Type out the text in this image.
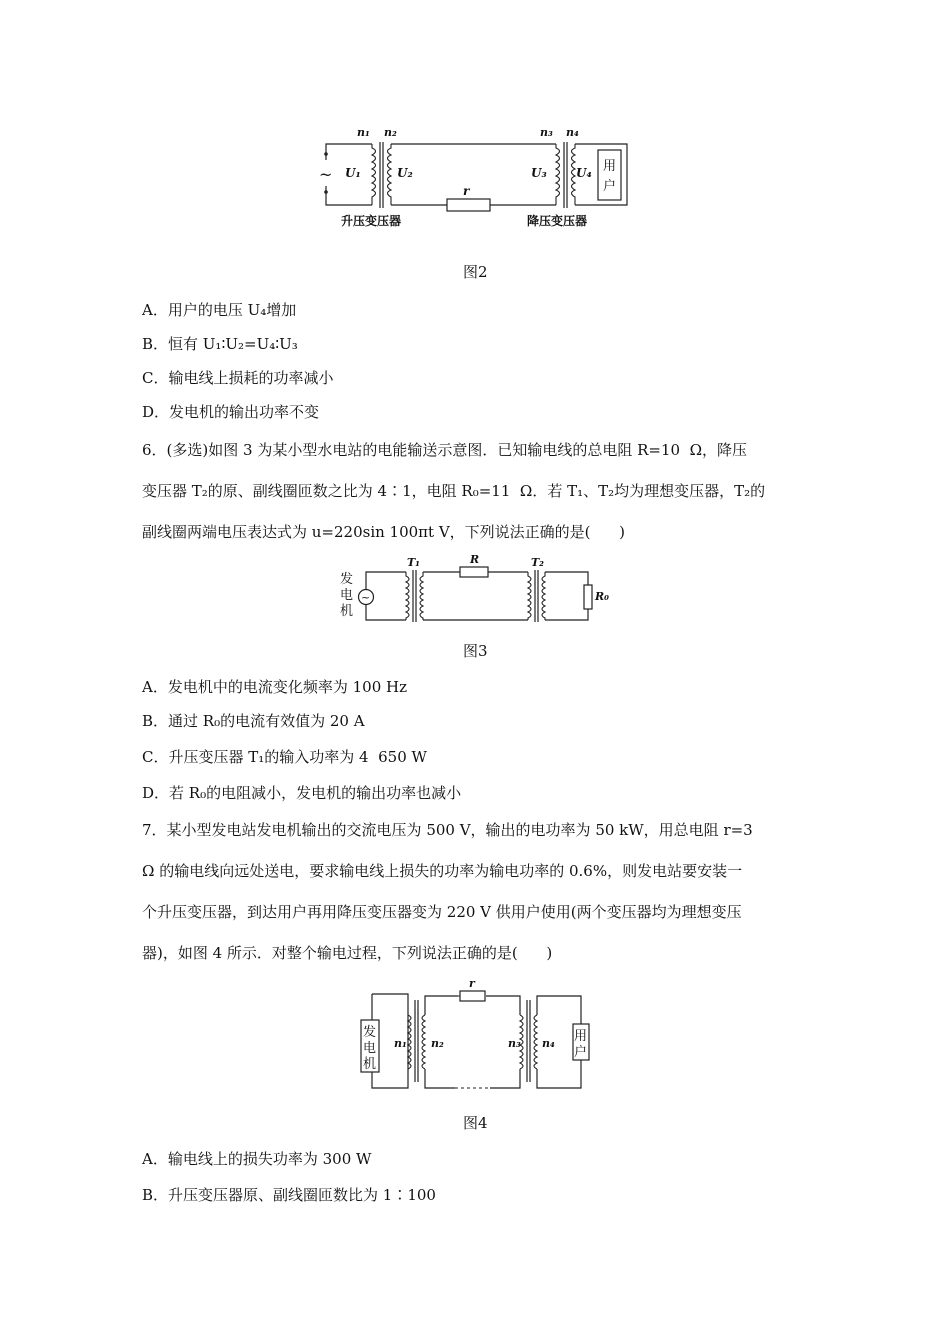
~
r
用
户
n₁ n₂	n₃ n₄
U₁	U₂	U₃ U₄
升压变压器	降压变压器
图2
A．用户的电压 U₄增加
B．恒有 U₁∶U₂=U₄∶U₃
C．输电线上损耗的功率减小
D．发电机的输出功率不变
6．(多选)如图 3 为某小型水电站的电能输送示意图．已知输电线的总电阻 R=10  Ω，降压
变压器 T₂的原、副线圈匝数之比为 4∶1，电阻 R₀=11  Ω．若 T₁、T₂均为理想变压器，T₂的
副线圈两端电压表达式为 u=220sin 100πt V，下列说法正确的是(      )
发
电
机
~
T₁	R	T₂
R₀
图3
A．发电机中的电流变化频率为 100 Hz
B．通过 R₀的电流有效值为 20 A
C．升压变压器 T₁的输入功率为 4  650 W
D．若 R₀的电阻减小，发电机的输出功率也减小
7．某小型发电站发电机输出的交流电压为 500 V，输出的电功率为 50 kW，用总电阻 r=3
Ω 的输电线向远处送电，要求输电线上损失的功率为输电功率的 0.6%，则发电站要安装一
个升压变压器，到达用户再用降压变压器变为 220 V 供用户使用(两个变压器均为理想变压
器)，如图 4 所示．对整个输电过程，下列说法正确的是(      )
发
电
机
n₁ n₂
r
n₃ n₄ 用
户
图4
A．输电线上的损失功率为 300 W
B．升压变压器原、副线圈匝数比为 1∶100
